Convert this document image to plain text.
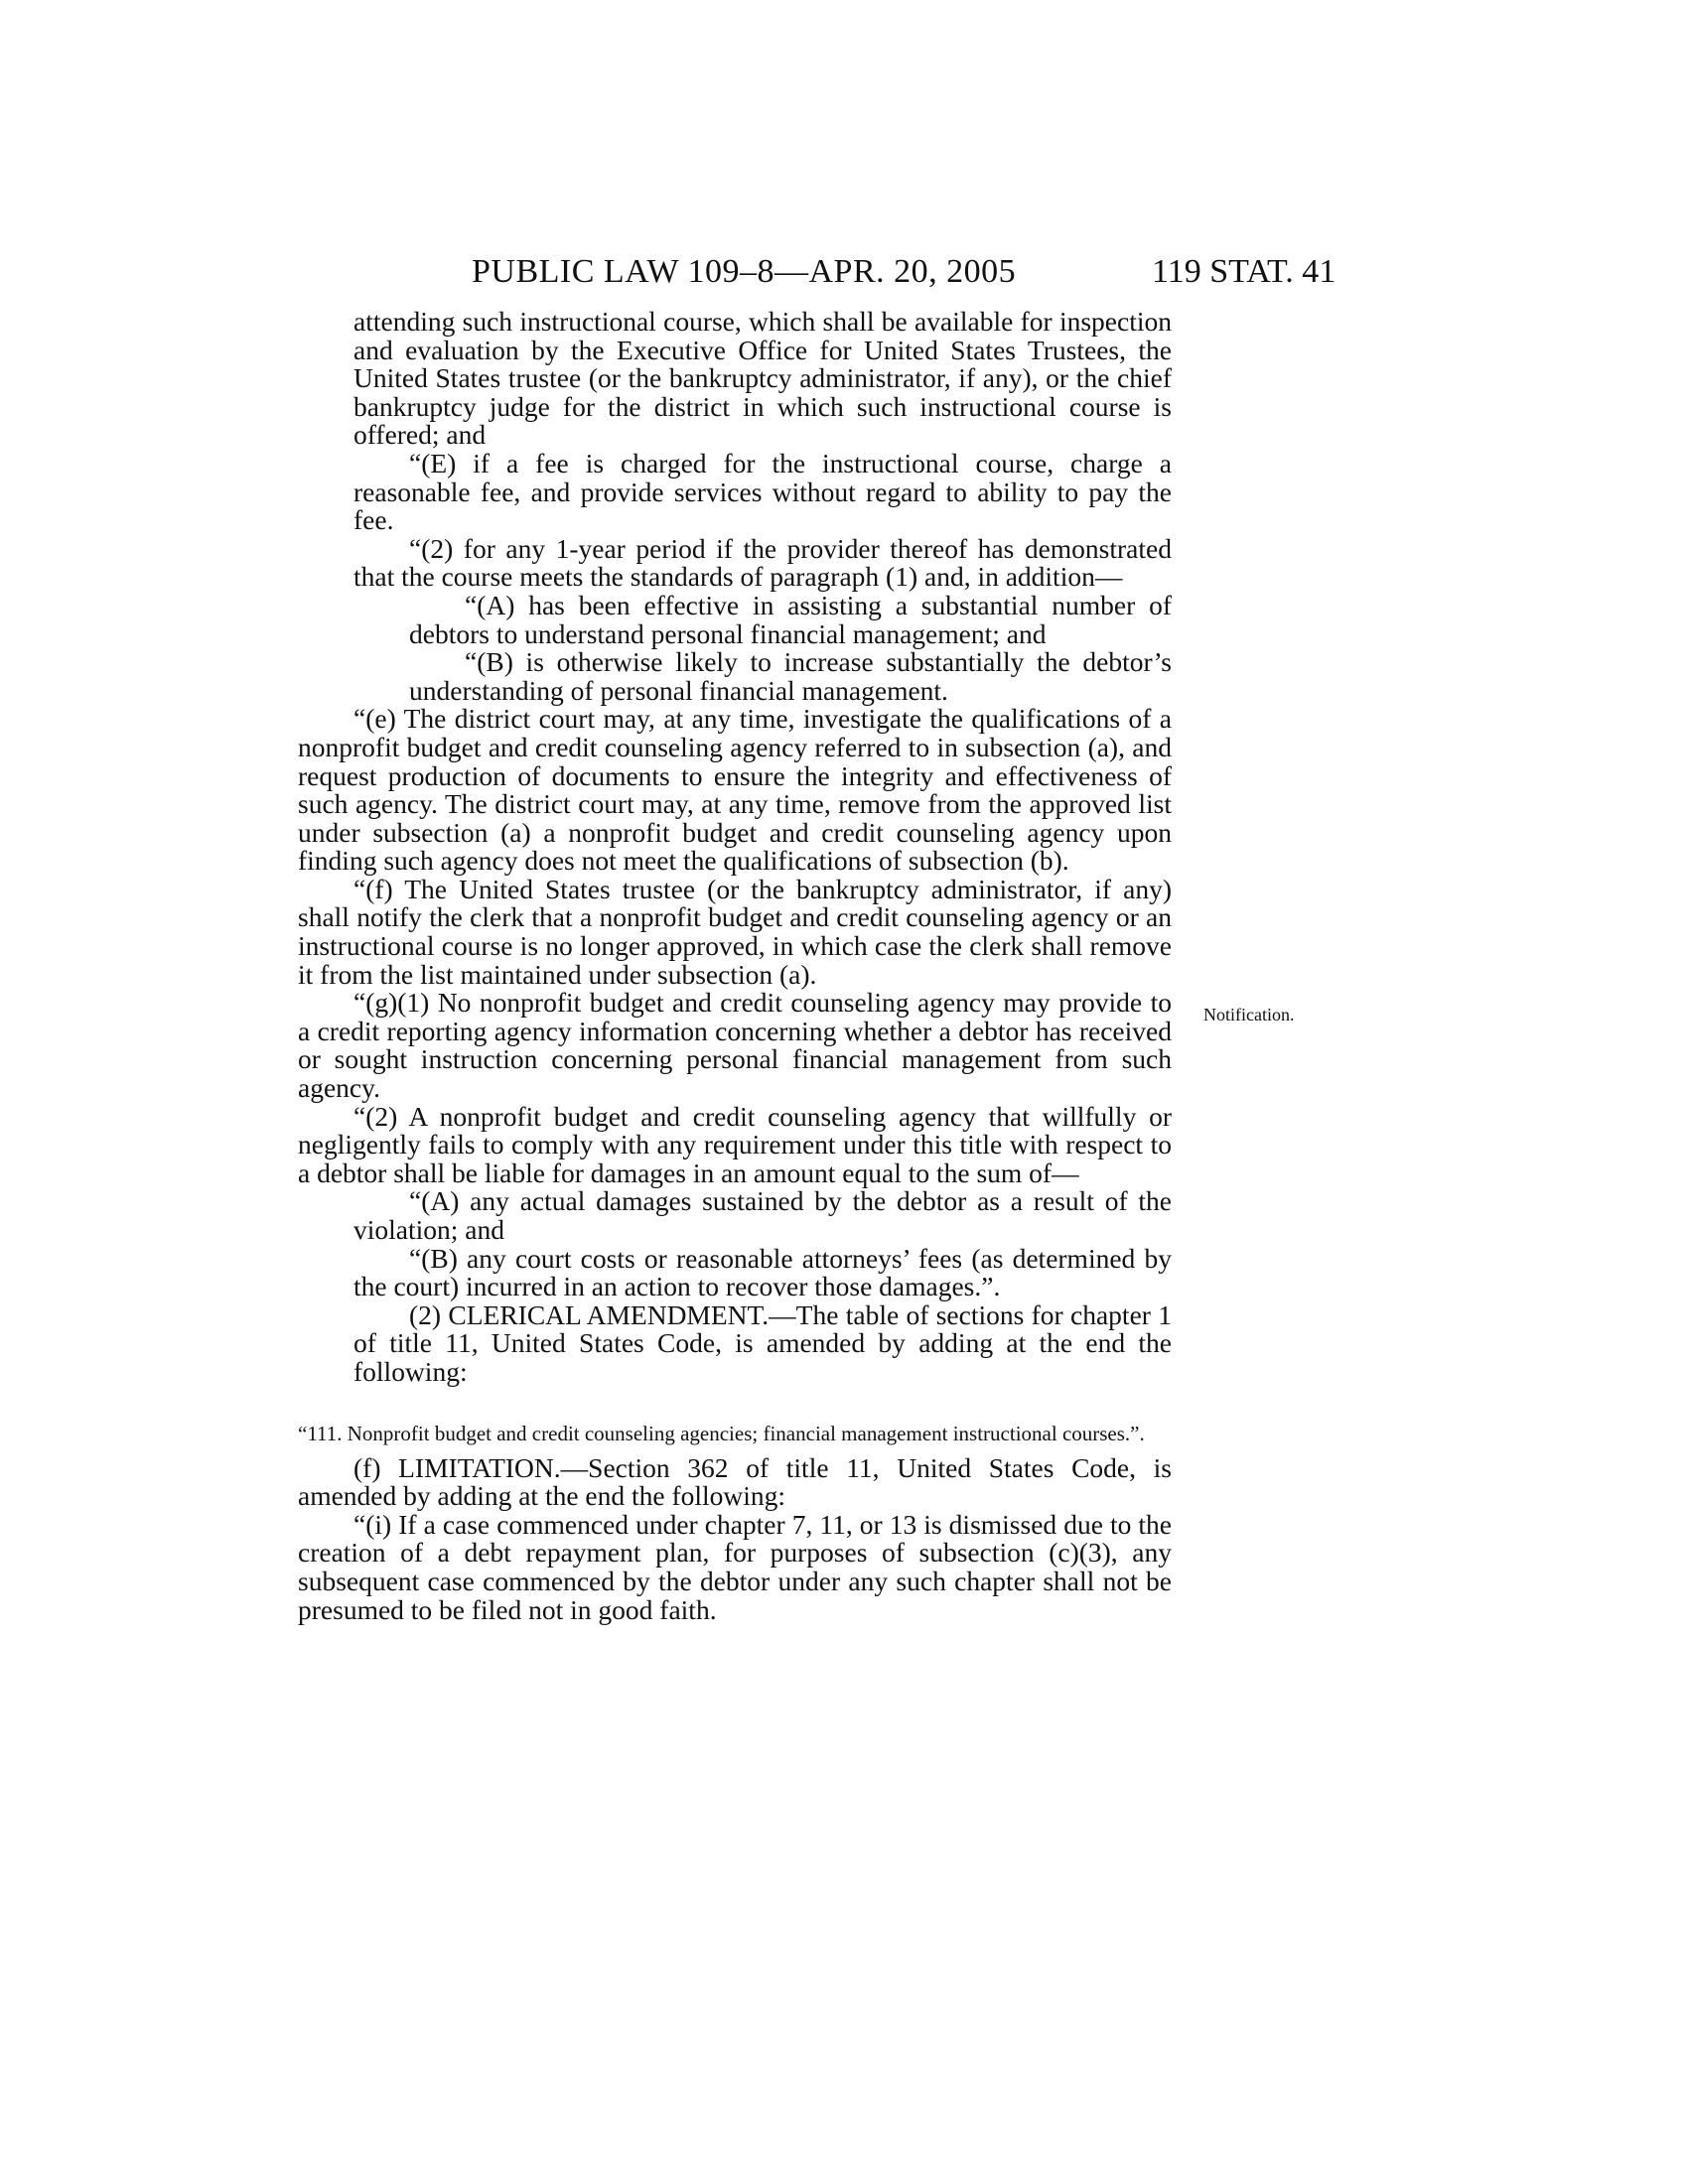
PUBLIC LAW 109–8—APR. 20, 2005	119 STAT. 41

attending such instructional course, which shall be available for inspection and evaluation by the Executive Office for United States Trustees, the United States trustee (or the bankruptcy administrator, if any), or the chief bankruptcy judge for the district in which such instructional course is offered; and

“(E) if a fee is charged for the instructional course, charge a reasonable fee, and provide services without regard to ability to pay the fee.

“(2) for any 1-year period if the provider thereof has demonstrated that the course meets the standards of paragraph (1) and, in addition—

“(A) has been effective in assisting a substantial number of debtors to understand personal financial management; and

“(B) is otherwise likely to increase substantially the debtor’s understanding of personal financial management.

“(e) The district court may, at any time, investigate the qualifications of a nonprofit budget and credit counseling agency referred to in subsection (a), and request production of documents to ensure the integrity and effectiveness of such agency. The district court may, at any time, remove from the approved list under subsection (a) a nonprofit budget and credit counseling agency upon finding such agency does not meet the qualifications of subsection (b).

“(f) The United States trustee (or the bankruptcy administrator, if any) shall notify the clerk that a nonprofit budget and credit counseling agency or an instructional course is no longer approved, in which case the clerk shall remove it from the list maintained under subsection (a).

“(g)(1) No nonprofit budget and credit counseling agency may provide to a credit reporting agency information concerning whether a debtor has received or sought instruction concerning personal financial management from such agency.

“(2) A nonprofit budget and credit counseling agency that willfully or negligently fails to comply with any requirement under this title with respect to a debtor shall be liable for damages in an amount equal to the sum of—

“(A) any actual damages sustained by the debtor as a result of the violation; and

“(B) any court costs or reasonable attorneys’ fees (as determined by the court) incurred in an action to recover those damages.”.

(2) CLERICAL AMENDMENT.—The table of sections for chapter 1 of title 11, United States Code, is amended by adding at the end the following:

“111. Nonprofit budget and credit counseling agencies; financial management instructional courses.”.

(f) LIMITATION.—Section 362 of title 11, United States Code, is amended by adding at the end the following:

“(i) If a case commenced under chapter 7, 11, or 13 is dismissed due to the creation of a debt repayment plan, for purposes of subsection (c)(3), any subsequent case commenced by the debtor under any such chapter shall not be presumed to be filed not in good faith.

Notification.
